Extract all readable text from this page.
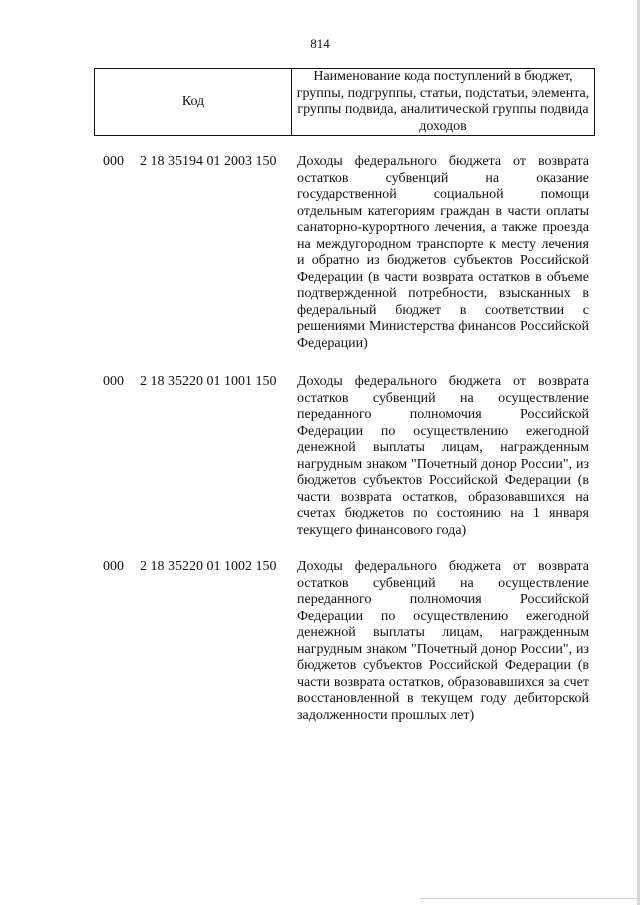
814
Код
Наименование кода поступлений в бюджет, группы, подгруппы, статьи, подстатьи, элемента, группы подвида, аналитической группы подвида доходов
000 2 18 35194 01 2003 150 Доходы федерального бюджета от возврата остатков субвенций на оказание государственной социальной помощи отдельным категориям граждан в части оплаты санаторно-курортного лечения, а также проезда на междугородном транспорте к месту лечения и обратно из бюджетов субъектов Российской Федерации (в части возврата остатков в объеме подтвержденной потребности, взысканных в федеральный бюджет в соответствии с решениями Министерства финансов Российской Федерации)
000 2 18 35220 01 1001 150 Доходы федерального бюджета от возврата остатков субвенций на осуществление переданного полномочия Российской Федерации по осуществлению ежегодной денежной выплаты лицам, награжденным нагрудным знаком "Почетный донор России", из бюджетов субъектов Российской Федерации (в части возврата остатков, образовавшихся на счетах бюджетов по состоянию на 1 января текущего финансового года)
000 2 18 35220 01 1002 150 Доходы федерального бюджета от возврата остатков субвенций на осуществление переданного полномочия Российской Федерации по осуществлению ежегодной денежной выплаты лицам, награжденным нагрудным знаком "Почетный донор России", из бюджетов субъектов Российской Федерации (в части возврата остатков, образовавшихся за счет восстановленной в текущем году дебиторской задолженности прошлых лет)
